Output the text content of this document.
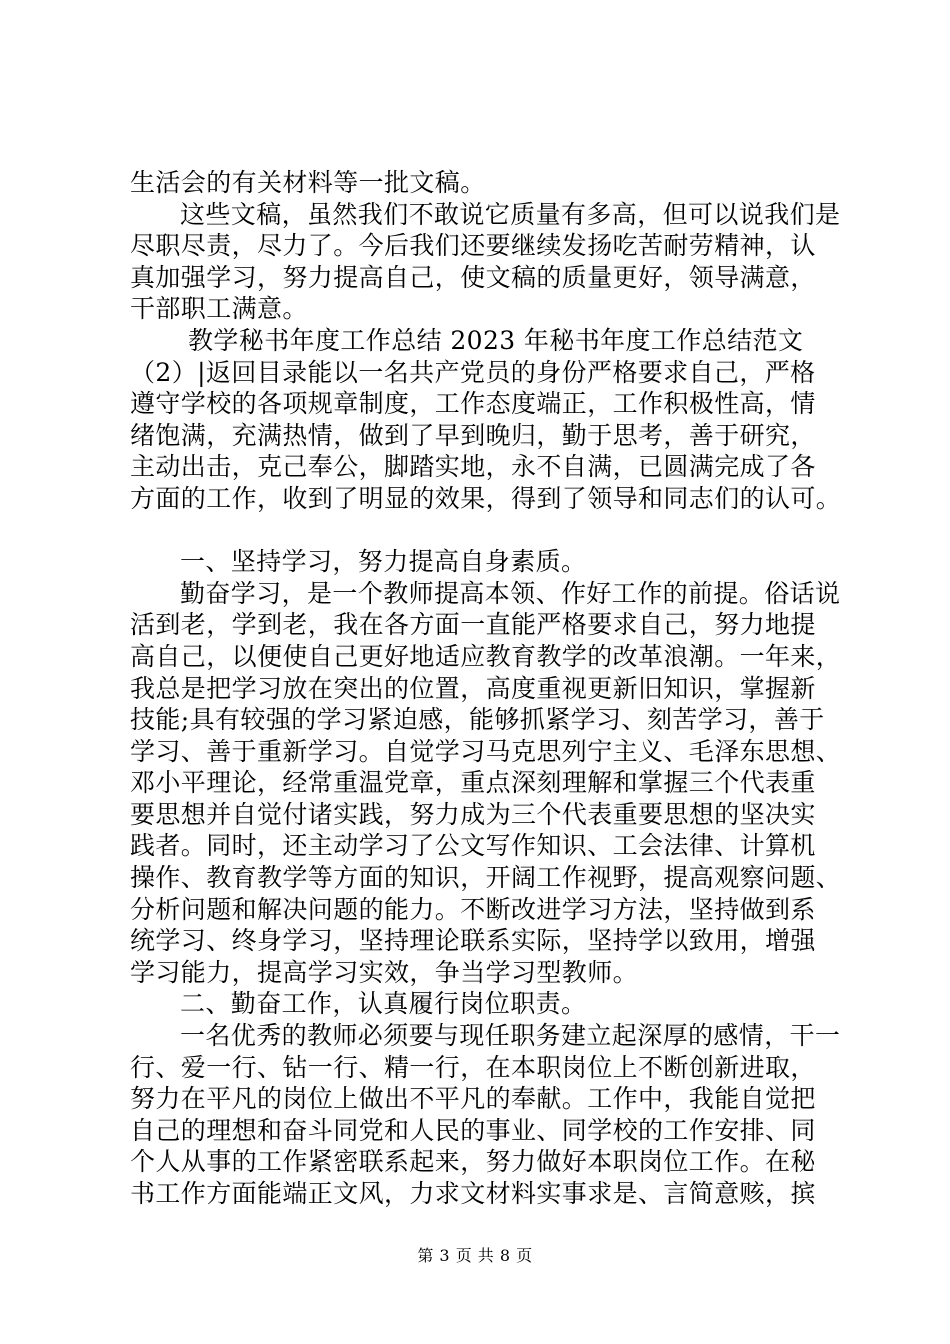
生活会的有关材料等一批文稿。
这些文稿，虽然我们不敢说它质量有多高，但可以说我们是
尽职尽责，尽力了。今后我们还要继续发扬吃苦耐劳精神，认
真加强学习，努力提高自己，使文稿的质量更好，领导满意，
干部职工满意。
教学秘书年度工作总结 2023 年秘书年度工作总结范文
（2）|返回目录能以一名共产党员的身份严格要求自己，严格
遵守学校的各项规章制度，工作态度端正，工作积极性高，情
绪饱满，充满热情，做到了早到晚归，勤于思考，善于研究，
主动出击，克己奉公，脚踏实地，永不自满，已圆满完成了各
方面的工作，收到了明显的效果，得到了领导和同志们的认可。
一、坚持学习，努力提高自身素质。
勤奋学习，是一个教师提高本领、作好工作的前提。俗话说
活到老，学到老，我在各方面一直能严格要求自己，努力地提
高自己，以便使自己更好地适应教育教学的改革浪潮。一年来，
我总是把学习放在突出的位置，高度重视更新旧知识，掌握新
技能;具有较强的学习紧迫感，能够抓紧学习、刻苦学习，善于
学习、善于重新学习。自觉学习马克思列宁主义、毛泽东思想、
邓小平理论，经常重温党章，重点深刻理解和掌握三个代表重
要思想并自觉付诸实践，努力成为三个代表重要思想的坚决实
践者。同时，还主动学习了公文写作知识、工会法律、计算机
操作、教育教学等方面的知识，开阔工作视野，提高观察问题、
分析问题和解决问题的能力。不断改进学习方法，坚持做到系
统学习、终身学习，坚持理论联系实际，坚持学以致用，增强
学习能力，提高学习实效，争当学习型教师。
二、勤奋工作，认真履行岗位职责。
一名优秀的教师必须要与现任职务建立起深厚的感情，干一
行、爱一行、钻一行、精一行，在本职岗位上不断创新进取，
努力在平凡的岗位上做出不平凡的奉献。工作中，我能自觉把
自己的理想和奋斗同党和人民的事业、同学校的工作安排、同
个人从事的工作紧密联系起来，努力做好本职岗位工作。在秘
书工作方面能端正文风，力求文材料实事求是、言简意赅，摈
第 3 页 共 8 页
